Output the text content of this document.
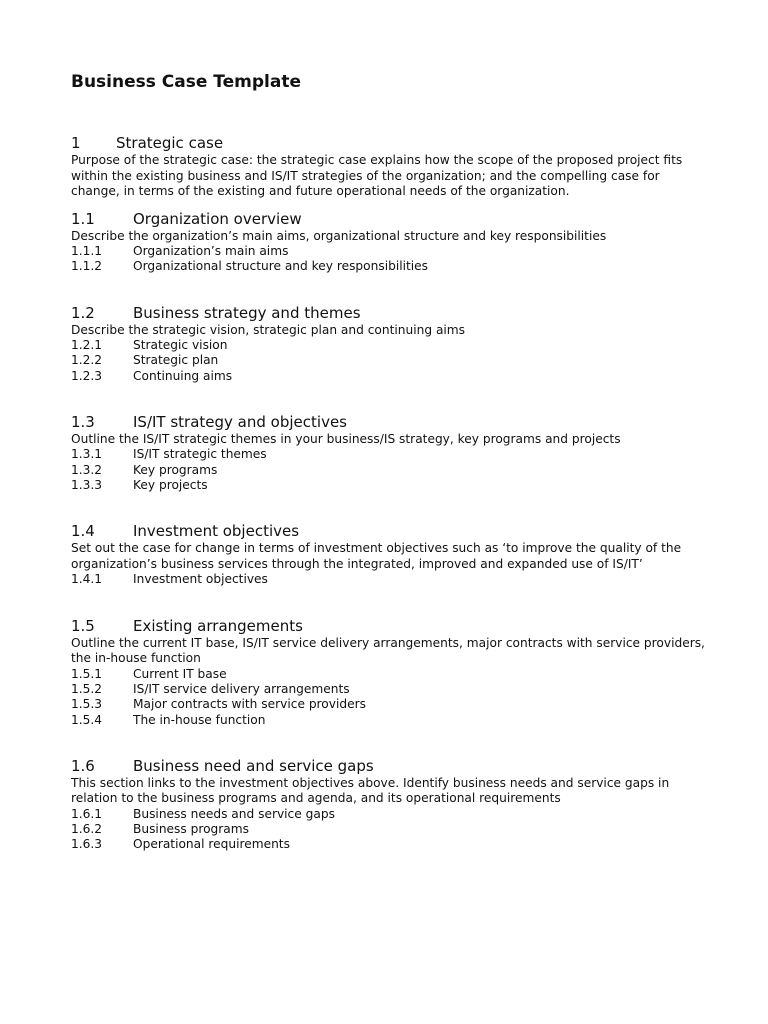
Business Case Template
1	Strategic case

Purpose of the strategic case: the strategic case explains how the scope of the proposed project fits within the existing business and IS/IT strategies of the organization; and the compelling case for change, in terms of the existing and future operational needs of the organization.

1.1	Organization overview

Describe the organization’s main aims, organizational structure and key responsibilities

1.1.1	Organization’s main aims
1.1.2	Organizational structure and key responsibilities
1.2	Business strategy and themes

Describe the strategic vision, strategic plan and continuing aims

1.2.1	Strategic vision
1.2.2	Strategic plan
1.2.3	Continuing aims
1.3	IS/IT strategy and objectives

Outline the IS/IT strategic themes in your business/IS strategy, key programs and projects

1.3.1	IS/IT strategic themes
1.3.2	Key programs
1.3.3	Key projects
1.4	Investment objectives

Set out the case for change in terms of investment objectives such as ‘to improve the quality of the organization’s business services through the integrated, improved and expanded use of IS/IT’

1.4.1	Investment objectives
1.5	Existing arrangements

Outline the current IT base, IS/IT service delivery arrangements, major contracts with service providers, the in-house function

1.5.1	Current IT base
1.5.2	IS/IT service delivery arrangements
1.5.3	Major contracts with service providers
1.5.4	The in-house function
1.6	Business need and service gaps

This section links to the investment objectives above. Identify business needs and service gaps in relation to the business programs and agenda, and its operational requirements

1.6.1	Business needs and service gaps
1.6.2	Business programs
1.6.3	Operational requirements
